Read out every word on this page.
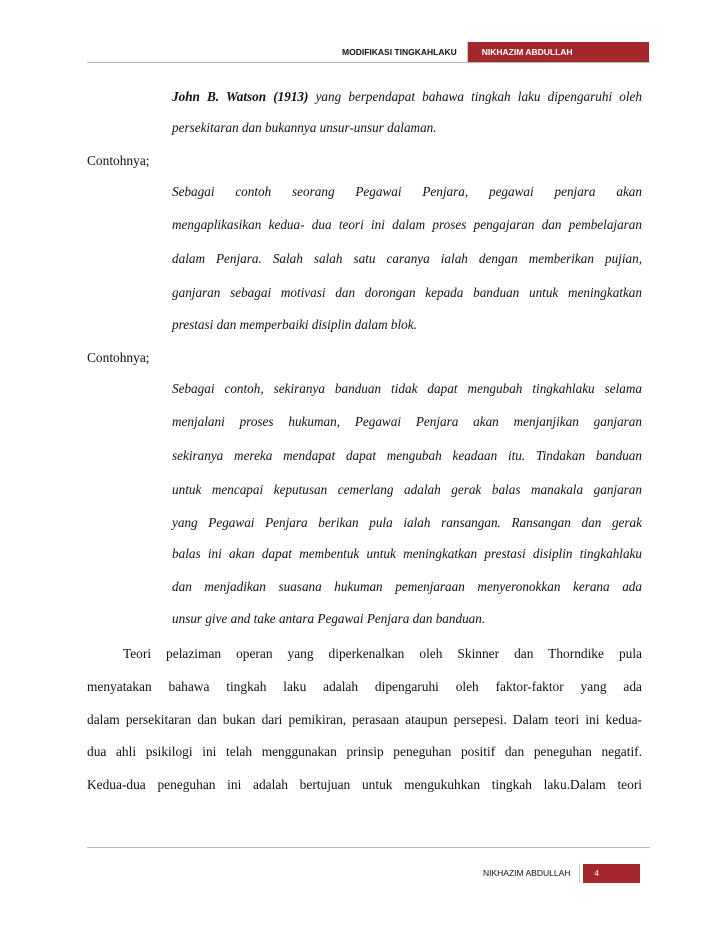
MODIFIKASI TINGKAHLAKU	NIKHAZIM ABDULLAH
John B. Watson (1913) yang berpendapat bahawa tingkah laku dipengaruhi oleh
persekitaran dan bukannya unsur-unsur dalaman.
Contohnya;
Sebagai contoh seorang Pegawai Penjara, pegawai penjara akan
mengaplikasikan kedua- dua teori ini dalam proses pengajaran dan pembelajaran
dalam Penjara. Salah salah satu caranya ialah dengan memberikan pujian,
ganjaran sebagai motivasi dan dorongan kepada banduan untuk meningkatkan
prestasi dan memperbaiki disiplin dalam blok.
Contohnya;
Sebagai contoh, sekiranya banduan tidak dapat mengubah tingkahlaku selama
menjalani proses hukuman, Pegawai Penjara akan menjanjikan ganjaran
sekiranya mereka mendapat dapat mengubah keadaan itu. Tindakan banduan
untuk mencapai keputusan cemerlang adalah gerak balas manakala ganjaran
yang Pegawai Penjara berikan pula ialah ransangan. Ransangan dan gerak
balas ini akan dapat membentuk untuk meningkatkan prestasi disiplin tingkahlaku
dan menjadikan suasana hukuman pemenjaraan menyeronokkan kerana ada
unsur give and take antara Pegawai Penjara dan banduan.
Teori pelaziman operan yang diperkenalkan oleh Skinner dan Thorndike pula
menyatakan bahawa tingkah laku adalah dipengaruhi oleh faktor-faktor yang ada
dalam persekitaran dan bukan dari pemikiran, perasaan ataupun persepesi. Dalam teori ini kedua-
dua ahli psikilogi ini telah menggunakan prinsip peneguhan positif dan peneguhan negatif.
Kedua-dua peneguhan ini adalah bertujuan untuk mengukuhkan tingkah laku.Dalam teori
NIKHAZIM ABDULLAH	4
